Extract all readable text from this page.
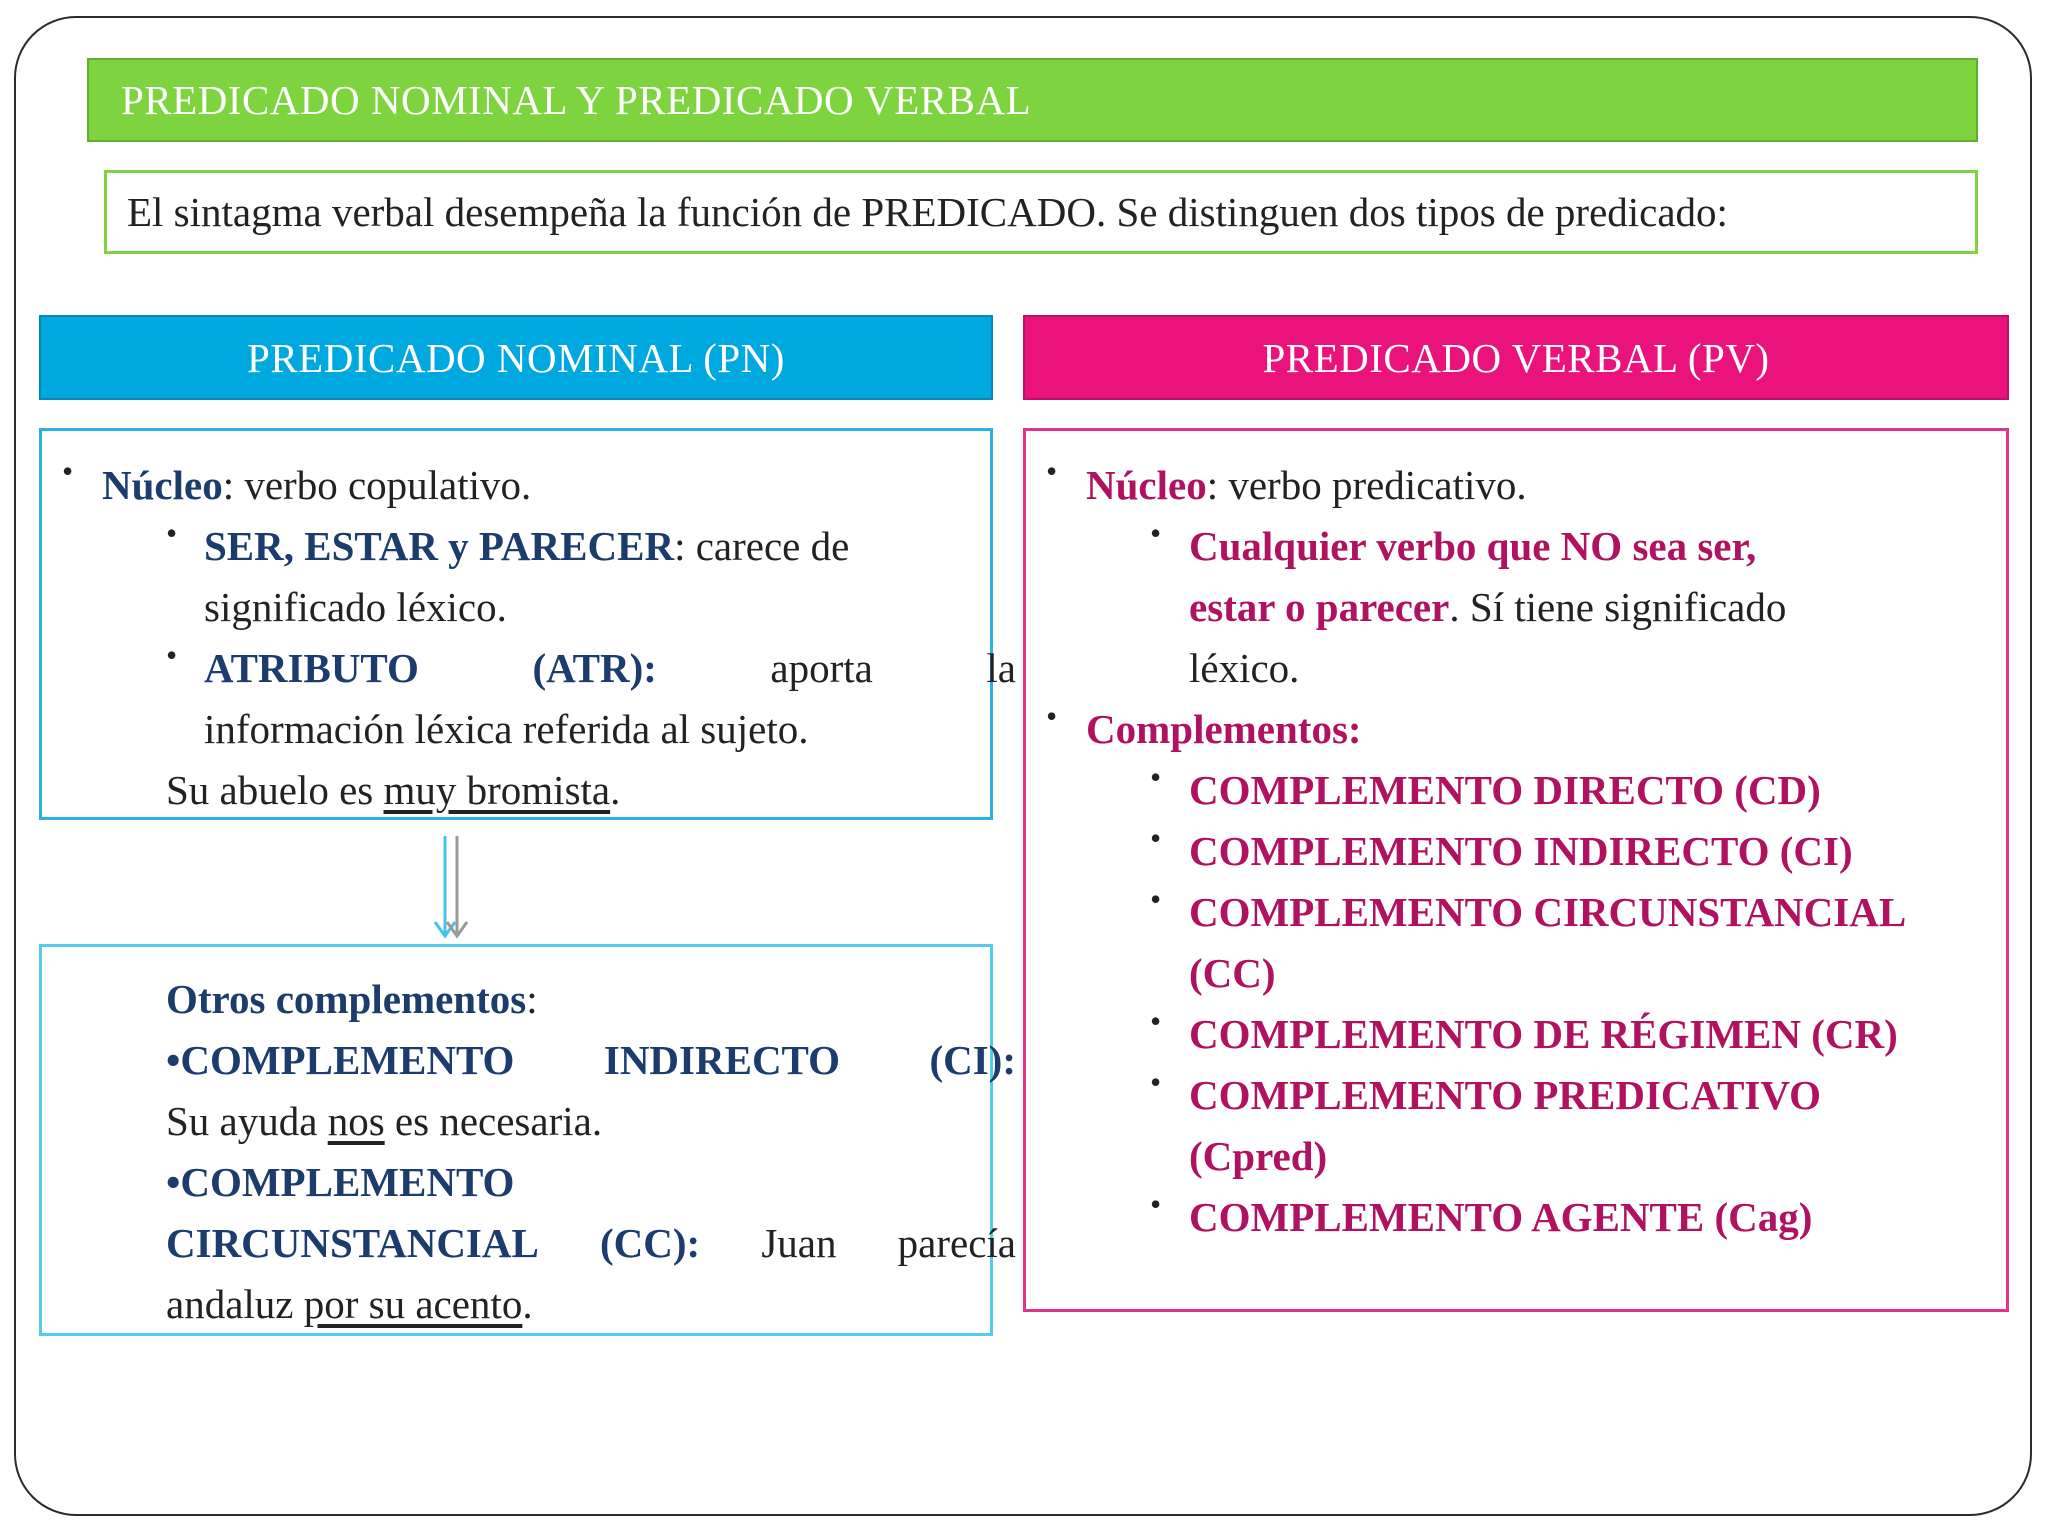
PREDICADO NOMINAL Y PREDICADO VERBAL
El sintagma verbal desempeña la función de PREDICADO. Se distinguen dos tipos de predicado:
PREDICADO NOMINAL (PN)	PREDICADO VERBAL (PV)
• Núcleo: verbo copulativo.
• SER, ESTAR y PARECER: carece de
significado léxico.
• ATRIBUTO	(ATR):	aporta	la
información léxica referida al sujeto.
Su abuelo es muy bromista.
Otros complementos:
•COMPLEMENTO INDIRECTO (CI):
Su ayuda nos es necesaria.
•COMPLEMENTO
CIRCUNSTANCIAL (CC): Juan parecía
andaluz por su acento.
• Núcleo: verbo predicativo.
• Cualquier verbo que NO sea ser,
estar o parecer. Sí tiene significado
léxico.
• Complementos:
• COMPLEMENTO DIRECTO (CD)
• COMPLEMENTO INDIRECTO (CI)
• COMPLEMENTO CIRCUNSTANCIAL
(CC)
• COMPLEMENTO DE RÉGIMEN (CR)
• COMPLEMENTO PREDICATIVO
(Cpred)
• COMPLEMENTO AGENTE (Cag)
